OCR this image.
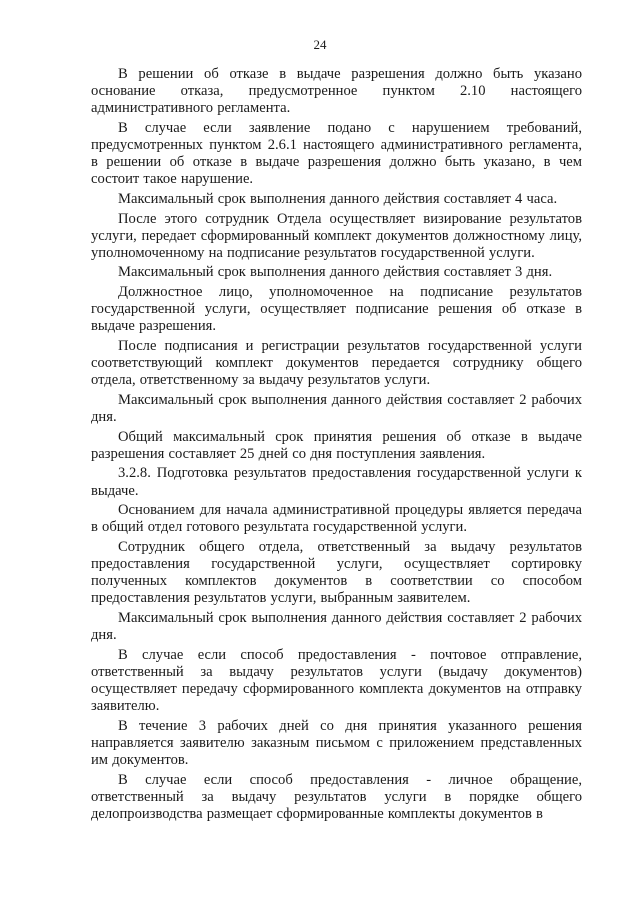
24

В решении об отказе в выдаче разрешения должно быть указано основание отказа, предусмотренное пунктом 2.10 настоящего административного регламента.

В случае если заявление подано с нарушением требований, предусмотренных пунктом 2.6.1 настоящего административного регламента, в решении об отказе в выдаче разрешения должно быть указано, в чем состоит такое нарушение.

Максимальный срок выполнения данного действия составляет 4 часа.

После этого сотрудник Отдела осуществляет визирование результатов услуги, передает сформированный комплект документов должностному лицу, уполномоченному на подписание результатов государственной услуги.

Максимальный срок выполнения данного действия составляет 3 дня.

Должностное лицо, уполномоченное на подписание результатов государственной услуги, осуществляет подписание решения об отказе в выдаче разрешения.

После подписания и регистрации результатов государственной услуги соответствующий комплект документов передается сотруднику общего отдела, ответственному за выдачу результатов услуги.

Максимальный срок выполнения данного действия составляет 2 рабочих дня.

Общий максимальный срок принятия решения об отказе в выдаче разрешения составляет 25 дней со дня поступления заявления.

3.2.8. Подготовка результатов предоставления государственной услуги к выдаче.

Основанием для начала административной процедуры является передача в общий отдел готового результата государственной услуги.

Сотрудник общего отдела, ответственный за выдачу результатов предоставления государственной услуги, осуществляет сортировку полученных комплектов документов в соответствии со способом предоставления результатов услуги, выбранным заявителем.

Максимальный срок выполнения данного действия составляет 2 рабочих дня.

В случае если способ предоставления - почтовое отправление, ответственный за выдачу результатов услуги (выдачу документов) осуществляет передачу сформированного комплекта документов на отправку заявителю.

В течение 3 рабочих дней со дня принятия указанного решения направляется заявителю заказным письмом с приложением представленных им документов.

В случае если способ предоставления - личное обращение, ответственный за выдачу результатов услуги в порядке общего делопроизводства размещает сформированные комплекты документов в
